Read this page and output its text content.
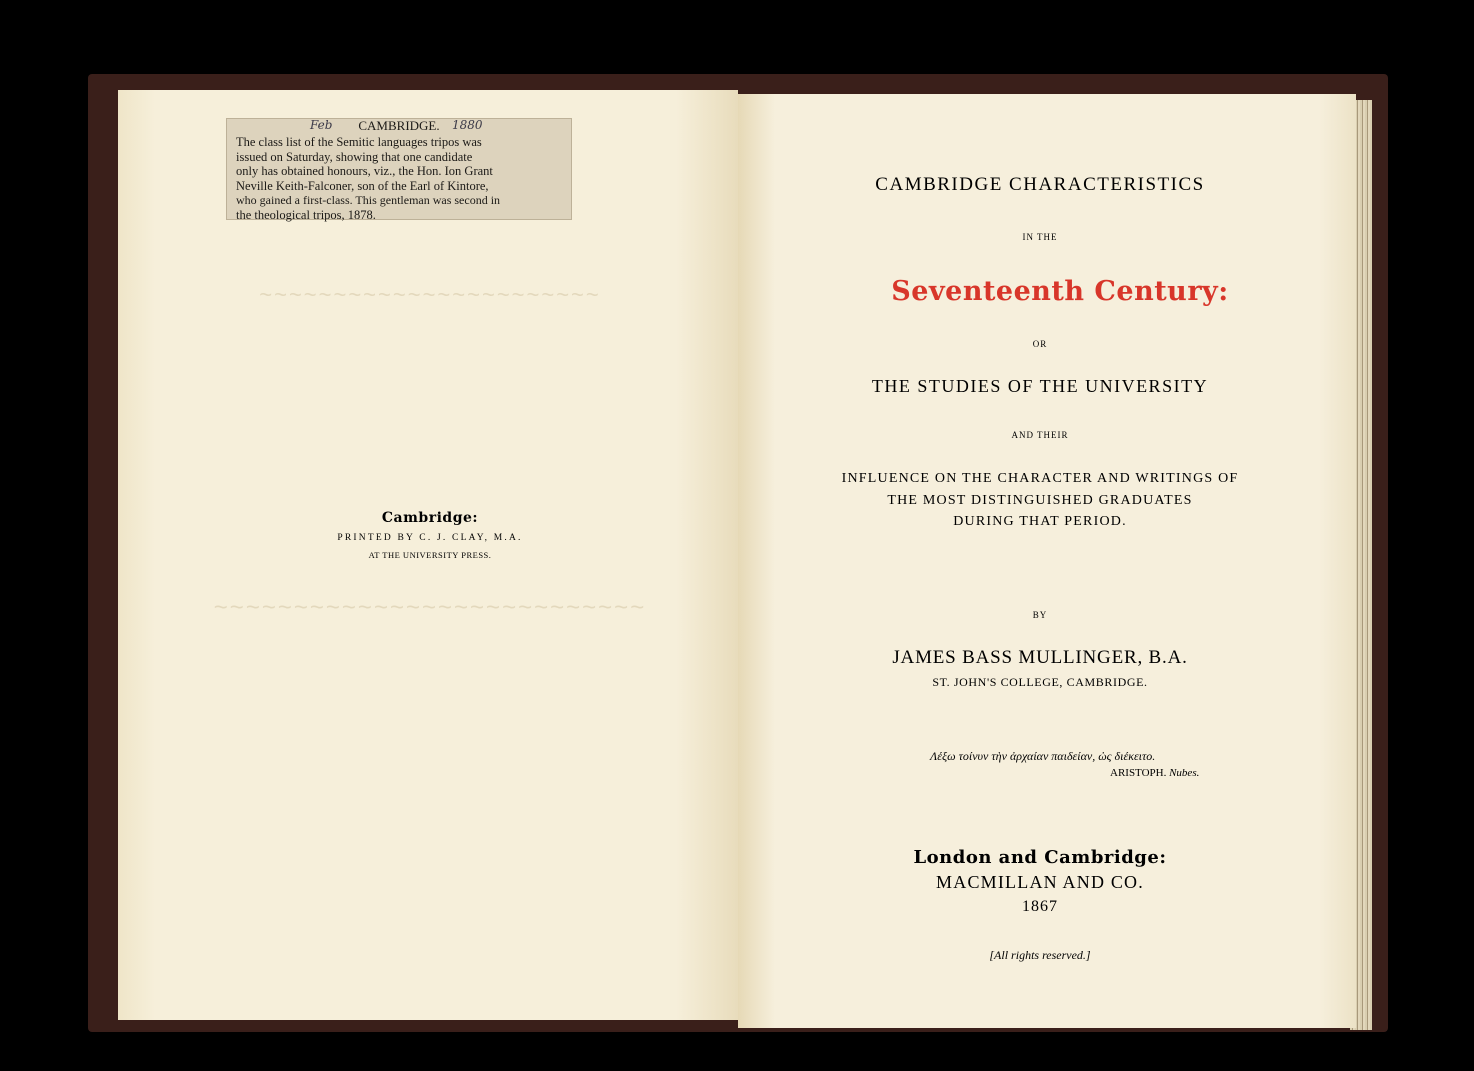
~~~~~~~~~~~~~~~~~~~~~~~
~~~~~~~~~~~~~~~~~~~~~~~~~~~
Feb	CAMBRIDGE.	1880
The class list of the Semitic languages tripos was
issued on Saturday, showing that one candidate
only has obtained honours, viz., the Hon. Ion Grant
Neville Keith-Falconer, son of the Earl of Kintore,
who gained a first-class. This gentleman was second in
the theological tripos, 1878.
Cambridge:
PRINTED BY C. J. CLAY, M.A.
AT THE UNIVERSITY PRESS.
CAMBRIDGE CHARACTERISTICS
IN THE
Seventeenth Century:
OR
THE STUDIES OF THE UNIVERSITY
AND THEIR
INFLUENCE ON THE CHARACTER AND WRITINGS OF
THE MOST DISTINGUISHED GRADUATES
DURING THAT PERIOD.
BY
JAMES BASS MULLINGER, B.A.
ST. JOHN'S COLLEGE, CAMBRIDGE.
Λέξω τοίνυν τὴν ἀρχαίαν παιδείαν, ὡς διέκειτο.
ARISTOPH. Nubes.
London and Cambridge:
MACMILLAN AND CO.
1867
[All rights reserved.]
